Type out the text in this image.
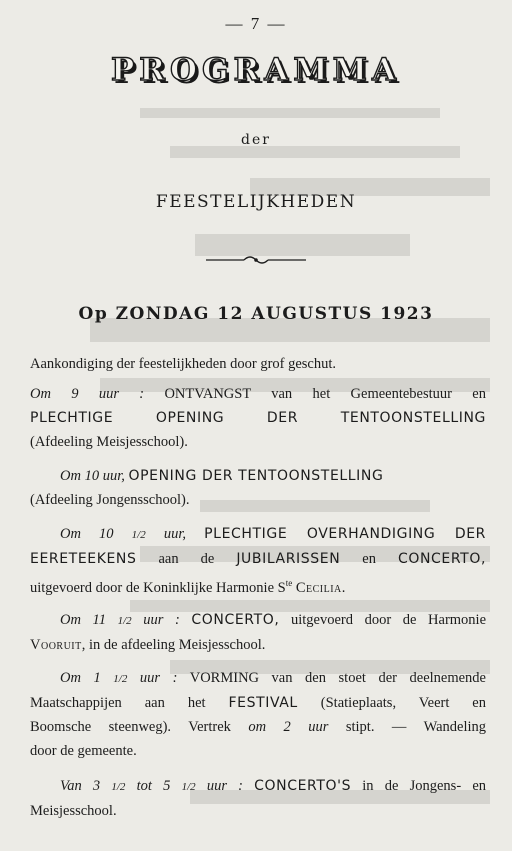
— 7 —
PROGRAMMA
der
FEESTELIJKHEDEN
Op ZONDAG 12 AUGUSTUS 1923
Aankondiging der feestelijkheden door grof geschut.
Om 9 uur : ONTVANGST van het Gemeentebestuur en
PLECHTIGE OPENING DER TENTOONSTELLING
(Afdeeling Meisjesschool).
Om 10 uur, OPENING DER TENTOONSTELLING
(Afdeeling Jongensschool).
Om 10 1/2 uur, PLECHTIGE OVERHANDIGING DER
EERETEEKENS aan de JUBILARISSEN en CONCERTO,
uitgevoerd door de Koninklijke Harmonie $S^{te}$ Cecilia.
Om 11 1/2 uur : CONCERTO, uitgevoerd door de Harmonie
Vooruit, in de afdeeling Meisjesschool.
Om 1 1/2 uur : VORMING van den stoet der deelnemende
Maatschappijen aan het FESTIVAL (Statieplaats, Veert en
Boomsche steenweg). Vertrek om 2 uur stipt. — Wandeling
door de gemeente.
Van 3 1/2 tot 5 1/2 uur : CONCERTO'S in de Jongens- en
Meisjesschool.
